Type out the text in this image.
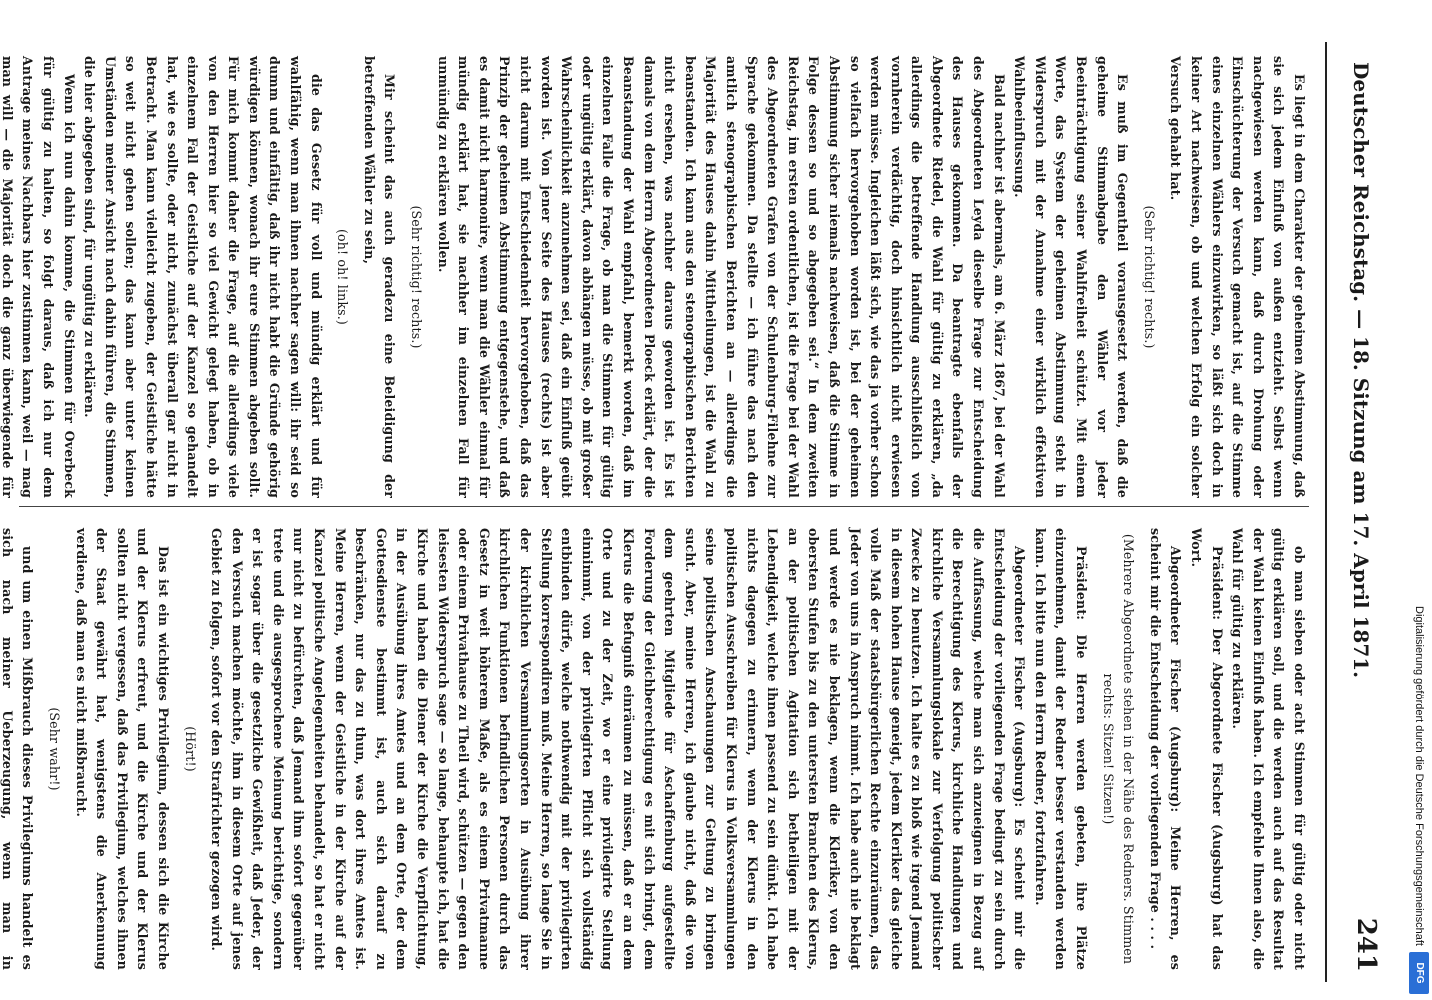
Deutscher Reichstag. — 18. Sitzung am 17. April 1871.
241

Es liegt in dem Charakter der geheimen Abstimmung, daß sie sich jedem Einfluß von außen entzieht. Selbst wenn nachgewiesen werden kann, daß durch Drohung oder Einschüchterung der Versuch gemacht ist, auf die Stimme eines einzelnen Wählers einzuwirken, so läßt sich doch in keiner Art nachweisen, ob und welchen Erfolg ein solcher Versuch gehabt hat.

(Sehr richtig! rechts.)

Es muß im Gegentheil vorausgesetzt werden, daß die geheime Stimmabgabe den Wähler vor jeder Beeinträchtigung seiner Wahlfreiheit schützt. Mit einem Worte, das System der geheimen Abstimmung steht in Widerspruch mit der Annahme einer wirklich effektiven Wahlbeeinflussung.

Bald nachher ist abermals, am 6. März 1867, bei der Wahl des Abgeordneten Leyda dieselbe Frage zur Entscheidung des Hauses gekommen. Da beantragte ebenfalls der Abgeordnete Riedel, die Wahl für gültig zu erklären, „da allerdings die betreffende Handlung ausschließlich von vornherein verdächtig, doch hinsichtlich nicht erwiesen werden müsse. Ingleichen läßt sich, wie das ja vorher schon so vielfach hervorgehoben worden ist, bei der geheimen Abstimmung sicher niemals nachweisen, daß die Stimme in Folge dessen so und so abgegeben sei.“ In dem zweiten Reichstag, im ersten ordentlichen, ist die Frage bei der Wahl des Abgeordneten Grafen von der Schulenburg-Filehne zur Sprache gekommen. Da stellte — ich führe das nach den amtlich stenographischen Berichten an — allerdings die Majorität des Hauses dahin Mittheilungen, ist die Wahl zu beanstanden. Ich kann aus den stenographischen Berichten nicht ersehen, was nachher daraus geworden ist. Es ist damals von dem Herrn Abgeordneten Ploeck erklärt, der die Beanstandung der Wahl empfahl, bemerkt worden, daß im einzelnen Falle die Frage, ob man die Stimmen für gültig oder ungültig erklärt, davon abhängen müsse, ob mit großer Wahrscheinlichkeit anzunehmen sei, daß ein Einfluß geübt worden ist. Von jener Seite des Hauses (rechts) ist aber nicht darum mit Entschiedenheit hervorgehoben, daß das Prinzip der geheimen Abstimmung entgegenstehe, und daß es damit nicht harmonire, wenn man die Wähler einmal für mündig erklärt hat, sie nachher im einzelnen Fall für unmündig zu erklären wollen.

(Sehr richtig! rechts.)

Mir scheint das auch geradezu eine Beleidigung der betreffenden Wähler zu sein,

(oh! oh! links.)

die das Gesetz für voll und mündig erklärt und für wahlfähig, wenn man ihnen nachher sagen will: ihr seid so dumm und einfältig, daß ihr nicht habt die Gründe gehörig würdigen können, wonach ihr eure Stimmen abgeben sollt. Für mich kommt daher die Frage, auf die allerdings viele von den Herren hier so viel Gewicht gelegt haben, ob in einzelnem Fall der Geistliche auf der Kanzel so gehandelt hat, wie es sollte, oder nicht, zunächst überall gar nicht in Betracht. Man kann vielleicht zugeben, der Geistliche hätte so weit nicht gehen sollen; das kann aber unter keinen Umständen meiner Ansicht nach dahin führen, die Stimmen, die hier abgegeben sind, für ungültig zu erklären.

Wenn ich nun dahin komme, die Stimmen für Overbeck für gültig zu halten, so folgt daraus, daß ich nur dem Antrage meines Nachbars hier zustimmen kann, weil — mag man will — die Majorität doch die ganz überwiegende für

ob man sieben oder acht Stimmen für gültig oder nicht gültig erklären soll, und die werden auch auf das Resultat der Wahl keinen Einfluß haben. Ich empfehle Ihnen also, die Wahl für gültig zu erklären.

Präsident: Der Abgeordnete Fischer (Augsburg) hat das Wort.

Abgeordneter Fischer (Augsburg): Meine Herren, es scheint mir die Entscheidung der vorliegenden Frage . . . .

(Mehrere Abgeordnete stehen in der Nähe des Redners. Stimmen rechts: Sitzen! Sitzen!)

Präsident: Die Herren werden gebeten, ihre Plätze einzunehmen, damit der Redner besser verstanden werden kann. Ich bitte nun den Herrn Redner, fortzufahren.

Abgeordneter Fischer (Augsburg): Es scheint mir die Entscheidung der vorliegenden Frage bedingt zu sein durch die Auffassung, welche man sich anzueignen in Bezug auf die Berechtigung des Klerus, kirchliche Handlungen und kirchliche Versammlungslokale zur Verfolgung politischer Zwecke zu benutzen. Ich halte es zu bloß wie irgend Jemand in diesem hohen Hause geneigt, jedem Kleriker das gleiche volle Maß der staatsbürgerlichen Rechte einzuräumen, das Jeder von uns in Anspruch nimmt. Ich habe auch nie beklagt und werde es nie beklagen, wenn die Kleriker, von den obersten Stufen bis zu den untersten Branchen des Klerus, an der politischen Agitation sich betheiligen mit der Lebendigkeit, welche ihnen passend zu sein dünkt. Ich habe nichts dagegen zu erinnern, wenn der Klerus in den politischen Ausschreiben für Klerus in Volksversammlungen seine politischen Anschauungen zur Geltung zu bringen sucht. Aber, meine Herren, ich glaube nicht, daß die von dem geehrten Mitgliede für Aschaffenburg aufgestellte Forderung der Gleichberechtigung es mit sich bringt, dem Klerus die Befugniß einräumen zu müssen, daß er an dem Orte und zu der Zeit, wo er eine privilegirte Stellung einnimmt, von der privilegirten Pflicht sich vollständig entbinden dürfe, welche nothwendig mit der privilegirten Stellung korrespondiren muß. Meine Herren, so lange Sie in der kirchlichen Versammlungsorten in Ausübung ihrer kirchlichen Funktionen befindlichen Personen durch das Gesetz in weit höherem Maße, als es einem Privatmanne oder einem Privathause zu Theil wird, schützen — gegen den leisesten Widerspruch sage — so lange, behaupte ich, hat die Kirche und haben die Diener der Kirche die Verpflichtung, in der Ausübung ihres Amtes und an dem Orte, der dem Gottesdienste bestimmt ist, auch sich darauf zu beschränken, nur das zu thun, was dort ihres Amtes ist. Meine Herren, wenn der Geistliche in der Kirche auf der Kanzel politische Angelegenheiten behandelt, so hat er nicht nur nicht zu befürchten, daß Jemand ihm sofort gegenüber trete und die ausgesprochene Meinung berichtige, sondern er ist sogar über die gesetzliche Gewißheit, daß Jeder, der den Versuch machen möchte, ihm in diesem Orte auf jenes Gebiet zu folgen, sofort vor den Strafrichter gezogen wird.

(Hört!)

Das ist ein wichtiges Privilegium, dessen sich die Kirche und der Klerus erfreut, und die Kirche und der Klerus sollten nicht vergessen, daß das Privilegium, welches ihnen der Staat gewährt hat, wenigstens die Anerkennung verdiene, daß man es nicht mißbraucht.

(Sehr wahr!)

und um einen Mißbrauch dieses Privilegiums handelt es sich nach meiner Ueberzeugung, wenn man in

Digitalisierung gefördert durch die Deutsche Forschungsgemeinschaft
DFG
